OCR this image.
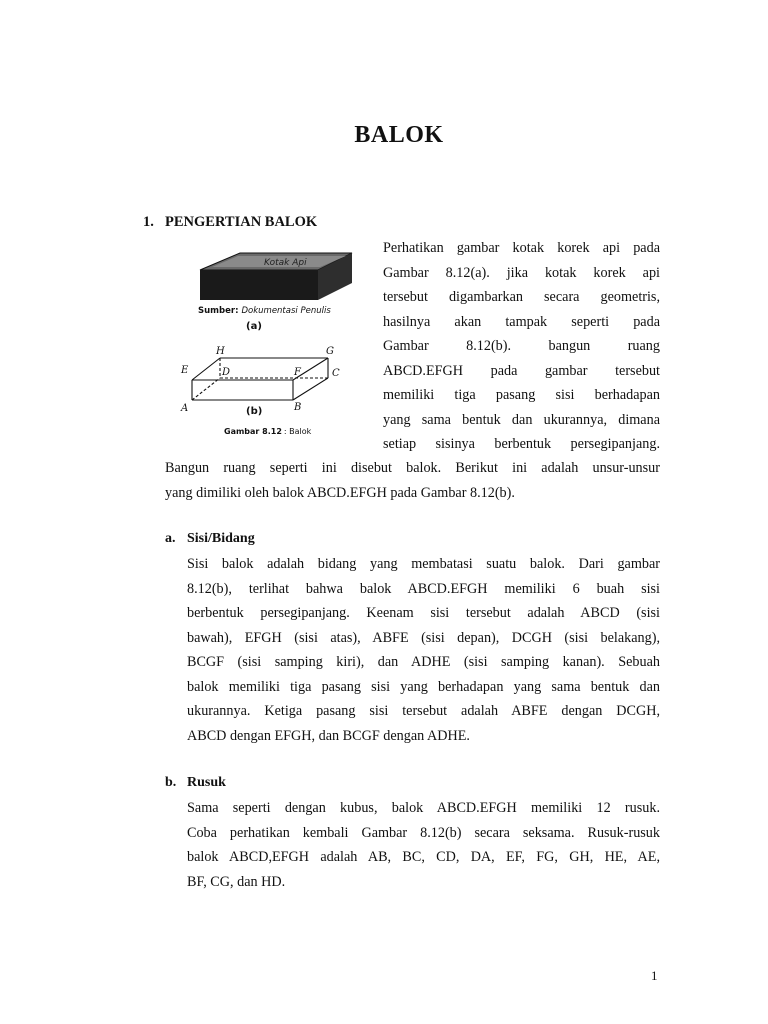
BALOK
1. PENGERTIAN BALOK
Perhatikan gambar kotak korek api pada
Gambar 8.12(a). jika kotak korek api
tersebut digambarkan secara geometris,
hasilnya akan tampak seperti pada
Gambar 8.12(b). bangun ruang
ABCD.EFGH pada gambar tersebut
memiliki tiga pasang sisi berhadapan
yang sama bentuk dan ukurannya, dimana
setiap sisinya berbentuk persegipanjang.
Bangun ruang seperti ini disebut balok. Berikut ini adalah unsur-unsur
yang dimiliki oleh balok ABCD.EFGH pada Gambar 8.12(b).
Kotak Api
Sumber: Dokumentasi Penulis
(a)
H	G
E	D	F	C
A	B
(b)
Gambar 8.12 : Balok
a. Sisi/Bidang
Sisi balok adalah bidang yang membatasi suatu balok. Dari gambar
8.12(b), terlihat bahwa balok ABCD.EFGH memiliki 6 buah sisi
berbentuk persegipanjang. Keenam sisi tersebut adalah ABCD (sisi
bawah), EFGH (sisi atas), ABFE (sisi depan), DCGH (sisi belakang),
BCGF (sisi samping kiri), dan ADHE (sisi samping kanan). Sebuah
balok memiliki tiga pasang sisi yang berhadapan yang sama bentuk dan
ukurannya. Ketiga pasang sisi tersebut adalah ABFE dengan DCGH,
ABCD dengan EFGH, dan BCGF dengan ADHE.
b. Rusuk
Sama seperti dengan kubus, balok ABCD.EFGH memiliki 12 rusuk.
Coba perhatikan kembali Gambar 8.12(b) secara seksama. Rusuk-rusuk
balok ABCD,EFGH adalah AB, BC, CD, DA, EF, FG, GH, HE, AE,
BF, CG, dan HD.
1
